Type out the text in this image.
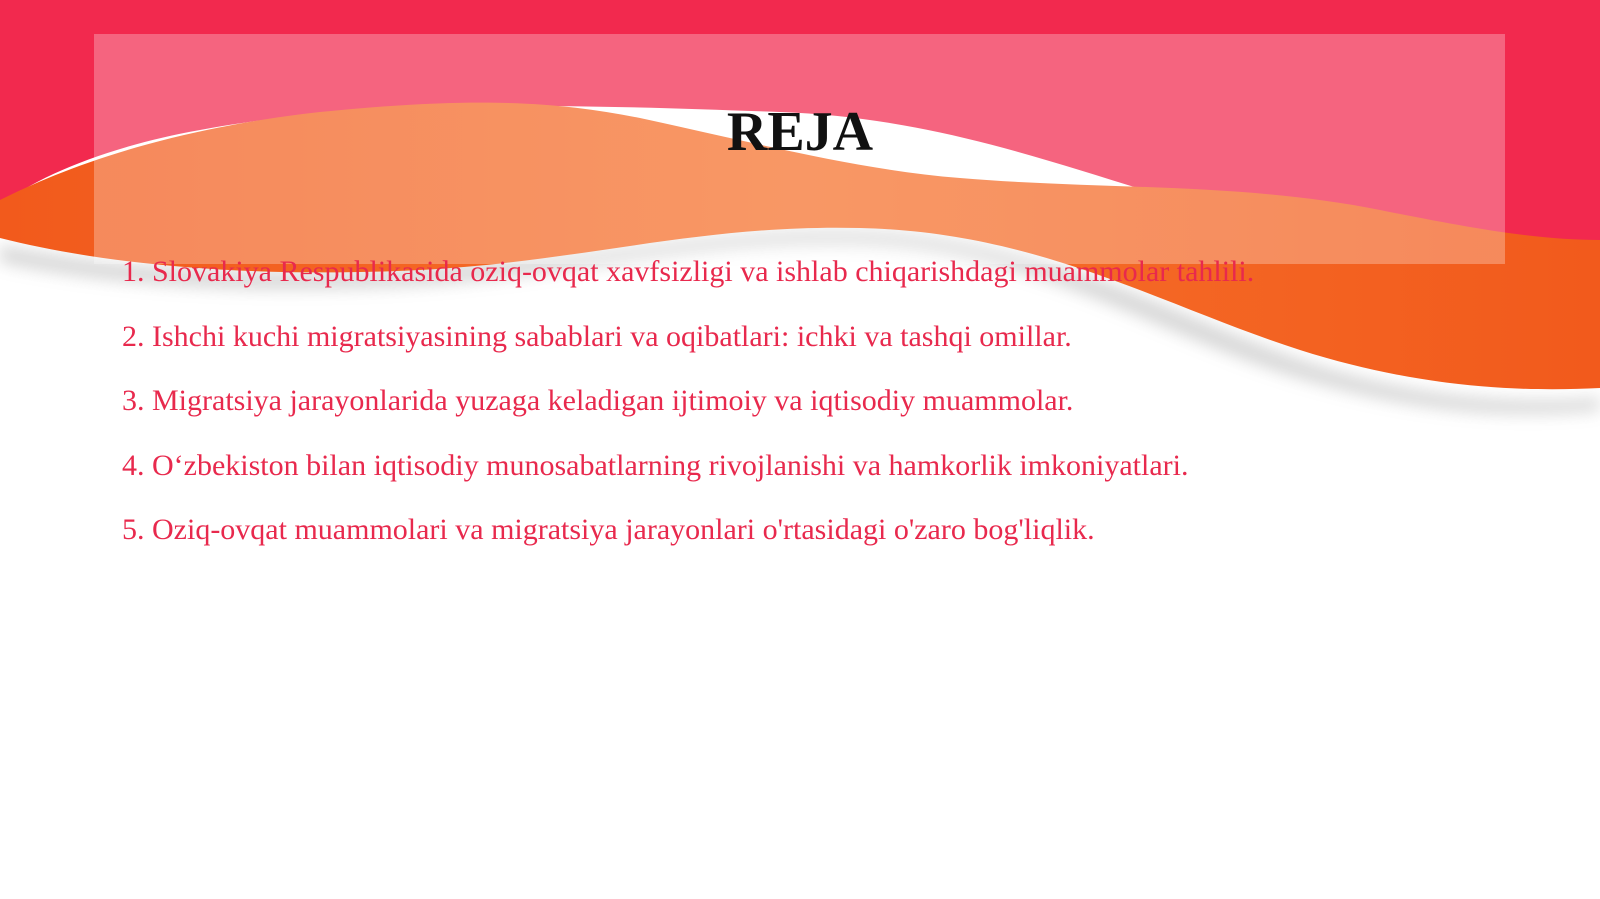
REJA
1. Slovakiya Respublikasida oziq-ovqat xavfsizligi va ishlab chiqarishdagi muammolar tahlili.
2. Ishchi kuchi migratsiyasining sabablari va oqibatlari: ichki va tashqi omillar.
3. Migratsiya jarayonlarida yuzaga keladigan ijtimoiy va iqtisodiy muammolar.
4. O‘zbekiston bilan iqtisodiy munosabatlarning rivojlanishi va hamkorlik imkoniyatlari.
5. Oziq-ovqat muammolari va migratsiya jarayonlari o'rtasidagi o'zaro bog'liqlik.
